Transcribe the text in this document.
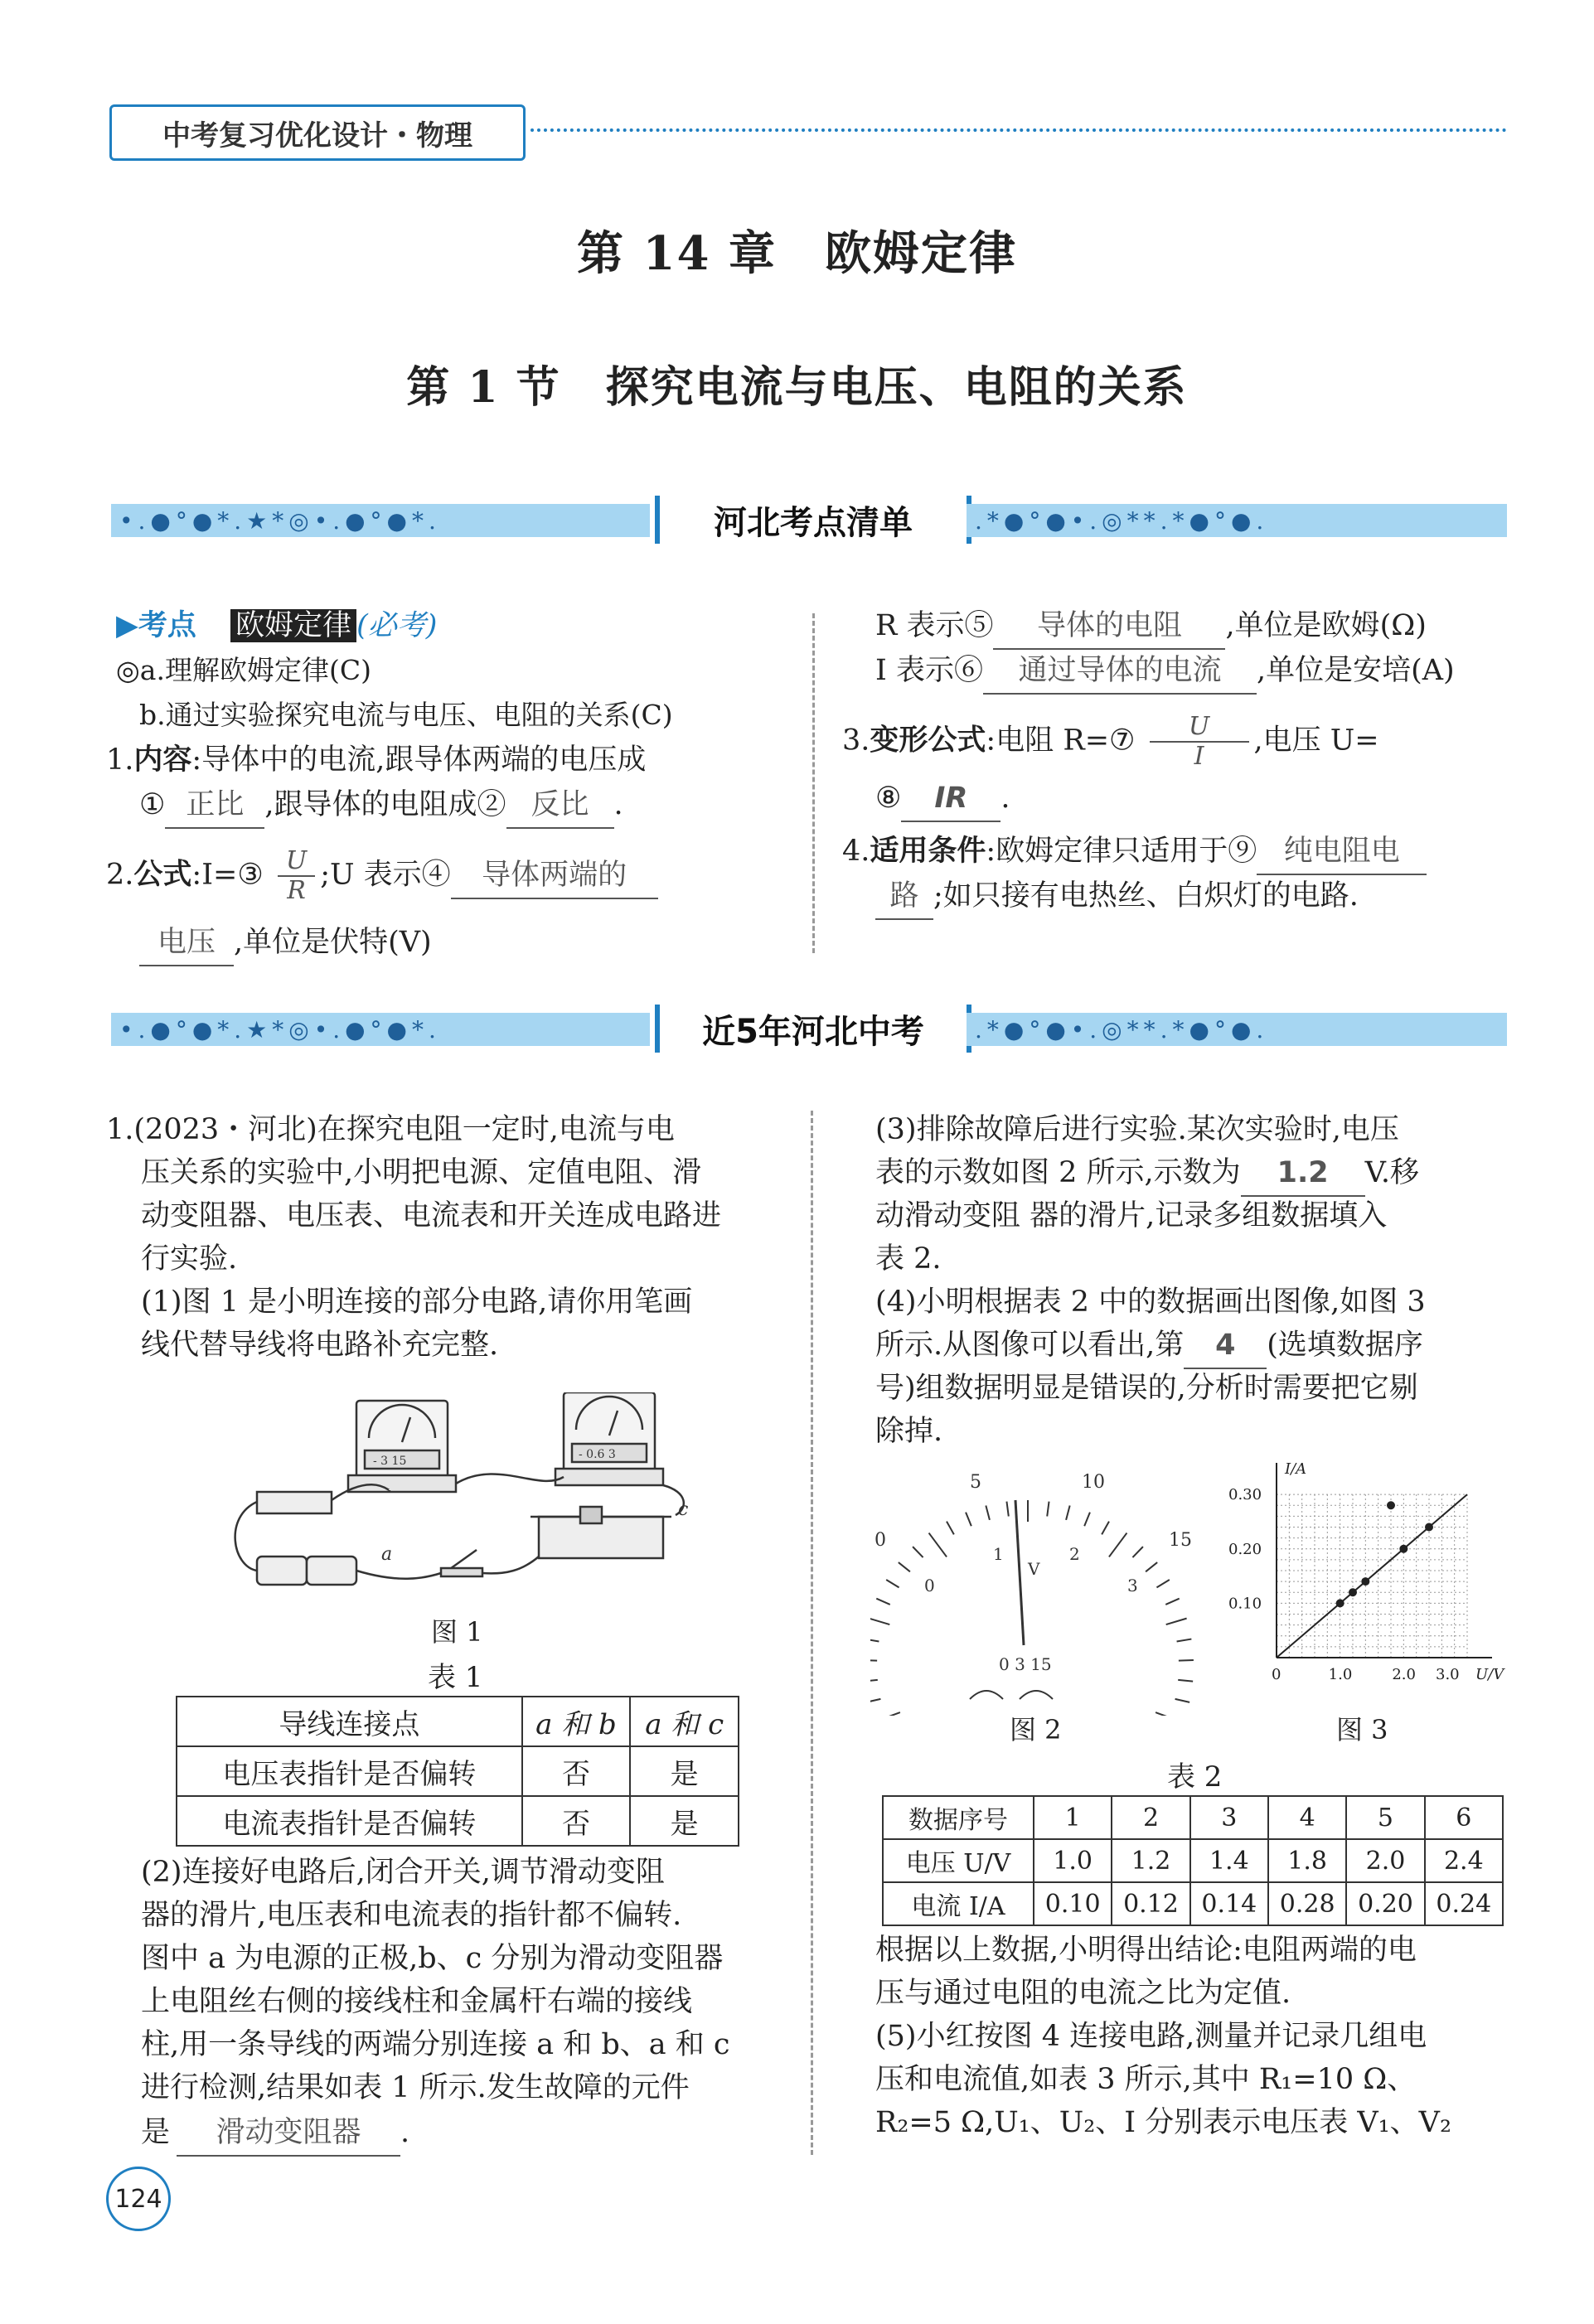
中考复习优化设计・物理
第 14 章　欧姆定律
第 1 节　探究电流与电压、电阻的关系
•.●°●*.★*◎•.●°●*.	河北考点清单	.*●°●•.◎**.*●°●.
▶考点 欧姆定律 (必考)
◎a.理解欧姆定律(C)
b.通过实验探究电流与电压、电阻的关系(C)
1.内容:导体中的电流,跟导体两端的电压成
① 正比 ,跟导体的电阻成② 反比 .
2.公式:I=③ $\frac{U}{R}$ ;U 表示④ 导体两端的
电压 ,单位是伏特(V)
R 表示⑤ 导体的电阻 ,单位是欧姆(Ω)
I 表示⑥ 通过导体的电流 ,单位是安培(A)
3.变形公式:电阻 R=⑦ $\frac{U}{I}$ ,电压 U=
⑧ IR .
4.适用条件:欧姆定律只适用于⑨ 纯电阻电
路 ;如只接有电热丝、白炽灯的电路.
•.●°●*.★*◎•.●°●*.	近5年河北中考	.*●°●•.◎**.*●°●.
1.(2023・河北)在探究电阻一定时,电流与电
压关系的实验中,小明把电源、定值电阻、滑
动变阻器、电压表、电流表和开关连成电路进
行实验.
(1)图 1 是小明连接的部分电路,请你用笔画
线代替导线将电路补充完整.
a
c
- 3 15	- 0.6 3
图 1
表 1
导线连接点	a 和 b	a 和 c
电压表指针是否偏转	否	是
电流表指针是否偏转	否	是
(2)连接好电路后,闭合开关,调节滑动变阻
器的滑片,电压表和电流表的指针都不偏转.
图中 a 为电源的正极,b、c 分别为滑动变阻器
上电阻丝右侧的接线柱和金属杆右端的接线
柱,用一条导线的两端分别连接 a 和 b、a 和 c
进行检测,结果如表 1 所示.发生故障的元件
是 滑动变阻器 .
(3)排除故障后进行实验.某次实验时,电压
表的示数如图 2 所示,示数为 1.2 V.移
动滑动变阻 器的滑片,记录多组数据填入
表 2.
(4)小明根据表 2 中的数据画出图像,如图 3
所示.从图像可以看出,第 4 (选填数据序
号)组数据明显是错误的,分析时需要把它剔
除掉.
0
5	10
15
0
1	2
3
V
0 3 15
图 2
I/A
U/V
0	1.0	2.0 3.0
0.10
0.20
0.30
图 3
表 2
数据序号	1	2	3	4	5	6
电压 U/V	1.0	1.2	1.4	1.8	2.0	2.4
电流 I/A	0.10	0.12	0.14	0.28	0.20	0.24
根据以上数据,小明得出结论:电阻两端的电
压与通过电阻的电流之比为定值.
(5)小红按图 4 连接电路,测量并记录几组电
压和电流值,如表 3 所示,其中 R₁=10 Ω、
R₂=5 Ω,U₁、U₂、I 分别表示电压表 V₁、V₂
124
